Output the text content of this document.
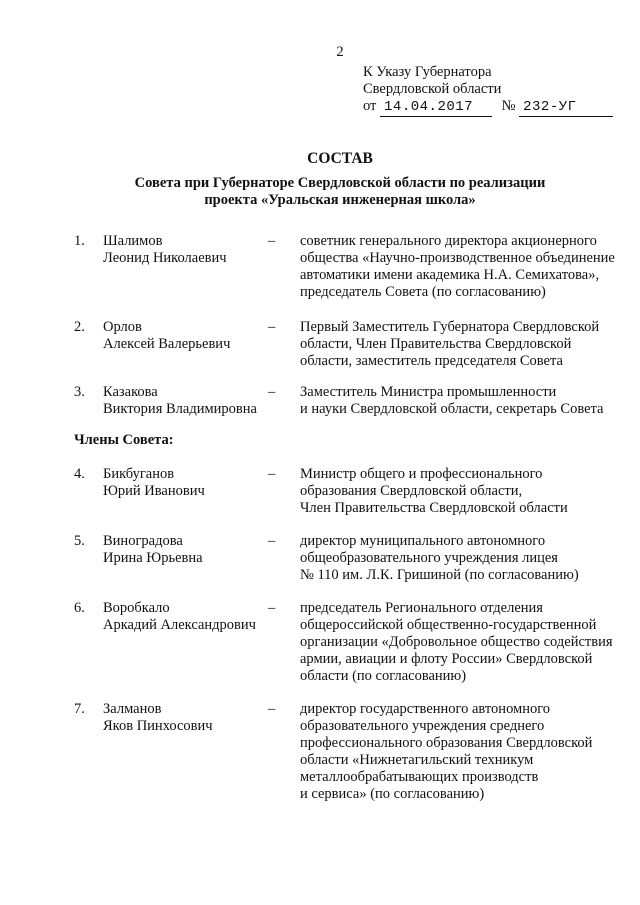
2
К Указу Губернатора
Свердловской области
от 14.04.2017 № 232-УГ
СОСТАВ
Совета при Губернаторе Свердловской области по реализации
проекта «Уральская инженерная школа»
1. Шалимов
Леонид Николаевич
– советник генерального директора акционерного
общества «Научно-производственное объединение
автоматики имени академика Н.А. Семихатова»,
председатель Совета (по согласованию)
2. Орлов
Алексей Валерьевич
– Первый Заместитель Губернатора Свердловской
области, Член Правительства Свердловской
области, заместитель председателя Совета
3. Казакова
Виктория Владимировна
– Заместитель Министра промышленности
и науки Свердловской области, секретарь Совета
Члены Совета:
4. Бикбуганов
Юрий Иванович
– Министр общего и профессионального
образования Свердловской области,
Член Правительства Свердловской области
5. Виноградова
Ирина Юрьевна
– директор муниципального автономного
общеобразовательного учреждения лицея
№ 110 им. Л.К. Гришиной (по согласованию)
6. Воробкало
Аркадий Александрович
– председатель Регионального отделения
общероссийской общественно-государственной
организации «Добровольное общество содействия
армии, авиации и флоту России» Свердловской
области (по согласованию)
7. Залманов
Яков Пинхосович
– директор государственного автономного
образовательного учреждения среднего
профессионального образования Свердловской
области «Нижнетагильский техникум
металлообрабатывающих производств
и сервиса» (по согласованию)
